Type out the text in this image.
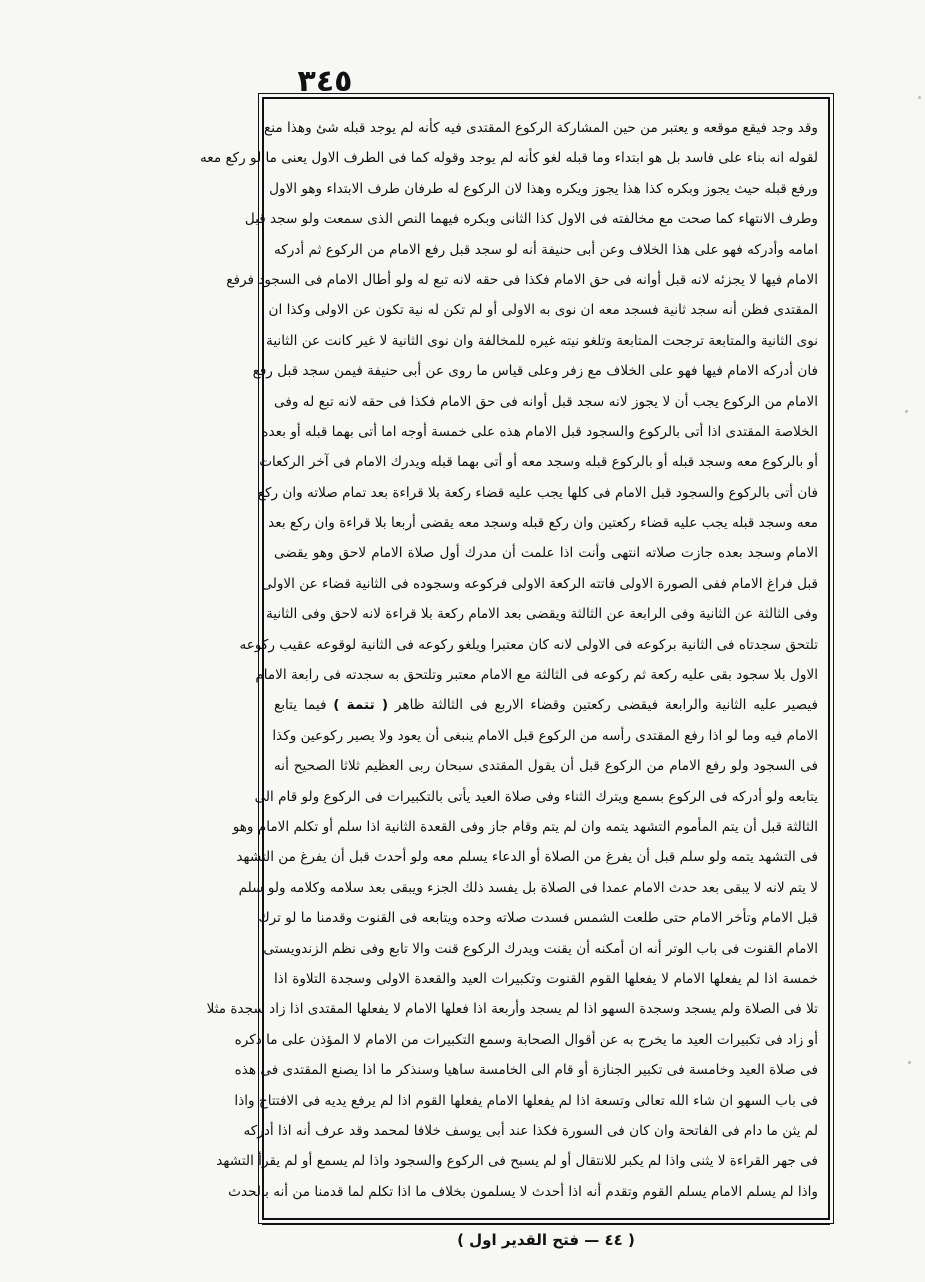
٣٤٥
وقد وجد فيقع موقعه و يعتبر من حين المشاركة الركوع المقتدى فيه كأنه لم يوجد قبله شئ وهذا منع
لقوله انه بناء على فاسد بل هو ابتداء وما قبله لغو كأنه لم يوجد وقوله كما فى الطرف الاول يعنى ما لو ركع معه
ورفع قبله حيث يجوز وبكره كذا هذا يجوز ويكره وهذا لان الركوع له طرفان طرف الابتداء وهو الاول
وطرف الانتهاء كما صحت مع مخالفته فى الاول كذا الثانى وبكره فيهما النص الذى سمعت ولو سجد قبل
امامه وأدركه فهو على هذا الخلاف وعن أبى حنيفة أنه لو سجد قبل رفع الامام من الركوع ثم أدركه
الامام فيها لا يجزئه لانه قبل أوانه فى حق الامام فكذا فى حقه لانه تبع له ولو أطال الامام فى السجود فرفع
المقتدى فظن أنه سجد ثانية فسجد معه ان نوى به الاولى أو لم تكن له نية تكون عن الاولى وكذا ان
نوى الثانية والمتابعة ترجحت المتابعة وتلغو نيته غيره للمخالفة وان نوى الثانية لا غير كانت عن الثانية
فان أدركه الامام فيها فهو على الخلاف مع زفر وعلى قياس ما روى عن أبى حنيفة فيمن سجد قبل رفع
الامام من الركوع يجب أن لا يجوز لانه سجد قبل أوانه فى حق الامام فكذا فى حقه لانه تبع له وفى
الخلاصة المقتدى اذا أتى بالركوع والسجود قبل الامام هذه على خمسة أوجه اما أتى بهما قبله أو بعده
أو بالركوع معه وسجد قبله أو بالركوع قبله وسجد معه أو أتى بهما قبله ويدرك الامام فى آخر الركعات
فان أتى بالركوع والسجود قبل الامام فى كلها يجب عليه قضاء ركعة بلا قراءة بعد تمام صلاته وان ركع
معه وسجد قبله يجب عليه قضاء ركعتين وان ركع قبله وسجد معه يقضى أربعا بلا قراءة وان ركع بعد
الامام وسجد بعده جازت صلاته انتهى وأنت اذا علمت أن مدرك أول صلاة الامام لاحق وهو يقضى
قبل فراغ الامام ففى الصورة الاولى فاتته الركعة الاولى فركوعه وسجوده فى الثانية قضاء عن الاولى
وفى الثالثة عن الثانية وفى الرابعة عن الثالثة ويقضى بعد الامام ركعة بلا قراءة لانه لاحق وفى الثانية
تلتحق سجدتاه فى الثانية بركوعه فى الاولى لانه كان معتبرا ويلغو ركوعه فى الثانية لوقوعه عقيب ركوعه
الاول بلا سجود بقى عليه ركعة ثم ركوعه فى الثالثة مع الامام معتبر وتلتحق به سجدته فى رابعة الامام
فيصير عليه الثانية والرابعة فيقضى ركعتين وقضاء الاربع فى الثالثة ظاهر ( تتمة ) فيما يتابع
الامام فيه وما لو اذا رفع المقتدى رأسه من الركوع قبل الامام ينبغى أن يعود ولا يصير ركوعين وكذا
فى السجود ولو رفع الامام من الركوع قبل أن يقول المقتدى سبحان ربى العظيم ثلاثا الصحيح أنه
يتابعه ولو أدركه فى الركوع بسمع ويترك الثناء وفى صلاة العيد يأتى بالتكبيرات فى الركوع ولو قام الى
الثالثة قبل أن يتم المأموم التشهد يتمه وان لم يتم وقام جاز وفى القعدة الثانية اذا سلم أو تكلم الامام وهو
فى التشهد يتمه ولو سلم قبل أن يفرغ من الصلاة أو الدعاء يسلم معه ولو أحدث قبل أن يفرغ من التشهد
لا يتم لانه لا يبقى بعد حدث الامام عمدا فى الصلاة بل يفسد ذلك الجزء ويبقى بعد سلامه وكلامه ولو سلم
قبل الامام وتأخر الامام حتى طلعت الشمس فسدت صلاته وحده ويتابعه فى القنوت وقدمنا ما لو ترك
الامام القنوت فى باب الوتر أنه ان أمكنه أن يقنت ويدرك الركوع قنت والا تابع وفى نظم الزندويستى
خمسة اذا لم يفعلها الامام لا يفعلها القوم القنوت وتكبيرات العيد والقعدة الاولى وسجدة التلاوة اذا
تلا فى الصلاة ولم يسجد وسجدة السهو اذا لم يسجد وأربعة اذا فعلها الامام لا يفعلها المقتدى اذا زاد سجدة مثلا
أو زاد فى تكبيرات العيد ما يخرج به عن أقوال الصحابة وسمع التكبيرات من الامام لا المؤذن على ما ذكره
فى صلاة العيد وخامسة فى تكبير الجنازة أو قام الى الخامسة ساهيا وسنذكر ما اذا يصنع المقتدى فى هذه
فى باب السهو ان شاء الله تعالى وتسعة اذا لم يفعلها الامام يفعلها القوم اذا لم يرفع يديه فى الافتتاح واذا
لم يثن ما دام فى الفاتحة وان كان فى السورة فكذا عند أبى يوسف خلافا لمحمد وقد عرف أنه اذا أدركه
فى جهر القراءة لا يثنى واذا لم يكبر للانتقال أو لم يسبح فى الركوع والسجود واذا لم يسمع أو لم يقرأ التشهد
واذا لم يسلم الامام يسلم القوم وتقدم أنه اذا أحدث لا يسلمون بخلاف ما اذا تكلم لما قدمنا من أنه بالحدث
( ٤٤ — فتح القدير اول )
